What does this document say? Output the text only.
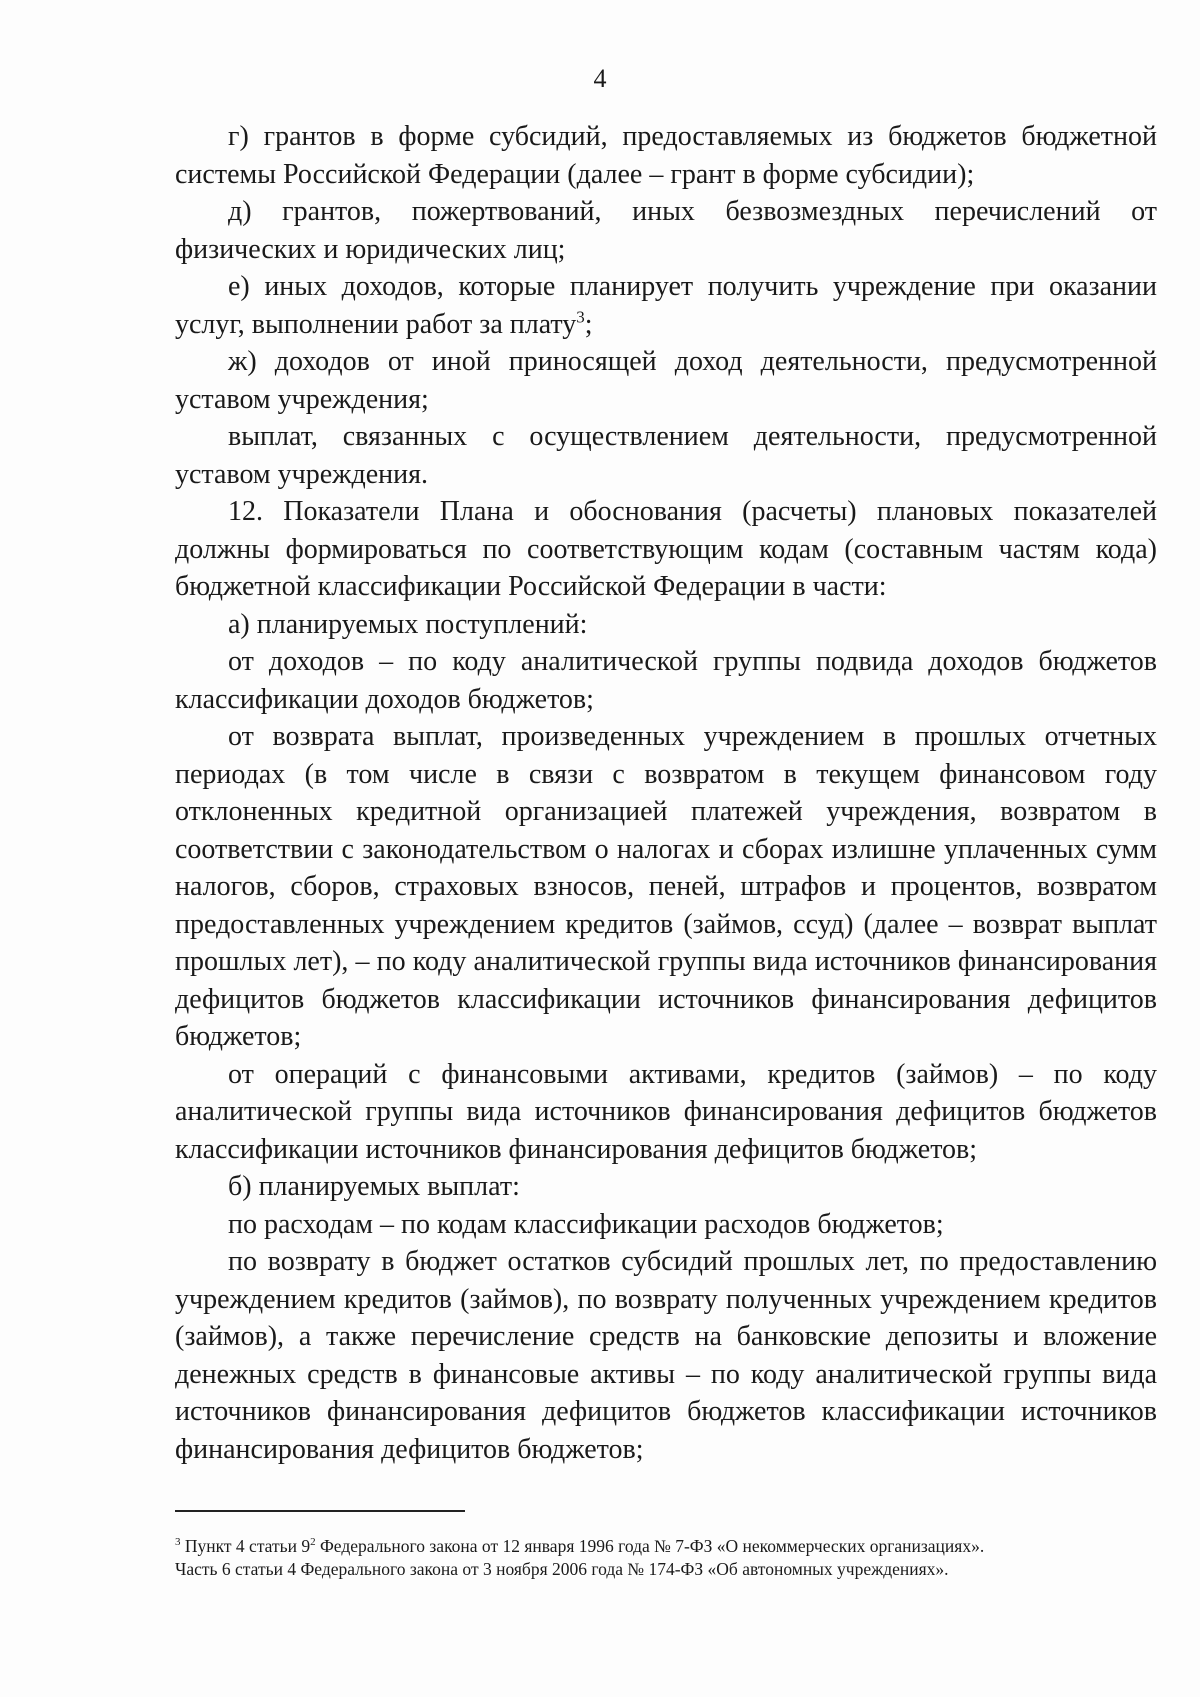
4

г) грантов в форме субсидий, предоставляемых из бюджетов бюджетной системы Российской Федерации (далее – грант в форме субсидии);

д) грантов, пожертвований, иных безвозмездных перечислений от физических и юридических лиц;

е) иных доходов, которые планирует получить учреждение при оказании услуг, выполнении работ за плату$^3$;

ж) доходов от иной приносящей доход деятельности, предусмотренной уставом учреждения;

выплат, связанных с осуществлением деятельности, предусмотренной уставом учреждения.

12. Показатели Плана и обоснования (расчеты) плановых показателей должны формироваться по соответствующим кодам (составным частям кода) бюджетной классификации Российской Федерации в части:

а) планируемых поступлений:

от доходов – по коду аналитической группы подвида доходов бюджетов классификации доходов бюджетов;

от возврата выплат, произведенных учреждением в прошлых отчетных периодах (в том числе в связи с возвратом в текущем финансовом году отклоненных кредитной организацией платежей учреждения, возвратом в соответствии с законодательством о налогах и сборах излишне уплаченных сумм налогов, сборов, страховых взносов, пеней, штрафов и процентов, возвратом предоставленных учреждением кредитов (займов, ссуд) (далее – возврат выплат прошлых лет), – по коду аналитической группы вида источников финансирования дефицитов бюджетов классификации источников финансирования дефицитов бюджетов;

от операций с финансовыми активами, кредитов (займов) – по коду аналитической группы вида источников финансирования дефицитов бюджетов классификации источников финансирования дефицитов бюджетов;

б) планируемых выплат:

по расходам – по кодам классификации расходов бюджетов;

по возврату в бюджет остатков субсидий прошлых лет, по предоставлению учреждением кредитов (займов), по возврату полученных учреждением кредитов (займов), а также перечисление средств на банковские депозиты и вложение денежных средств в финансовые активы – по коду аналитической группы вида источников финансирования дефицитов бюджетов классификации источников финансирования дефицитов бюджетов;

$^3$ Пункт 4 статьи $9^2$ Федерального закона от 12 января 1996 года № 7-ФЗ «О некоммерческих организациях».

Часть 6 статьи 4 Федерального закона от 3 ноября 2006 года № 174-ФЗ «Об автономных учреждениях».
